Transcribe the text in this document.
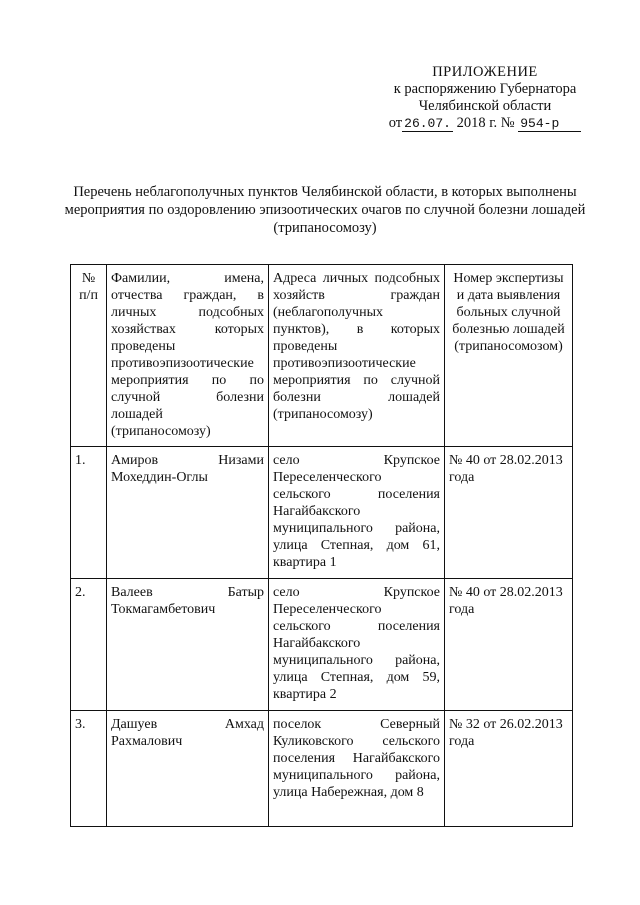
ПРИЛОЖЕНИЕ
к распоряжению Губернатора
Челябинской области
от 26.07. 2018 г. № 954-р
Перечень неблагополучных пунктов Челябинской области, в которых выполнены мероприятия по оздоровлению эпизоотических очагов по случной болезни лошадей (трипаносомозу)
№ п/п	Фамилии, имена, отчества граждан, в личных подсобных хозяйствах которых проведены противоэпизоотические мероприятия по по случной болезни лошадей (трипаносомозу)	Адреса личных подсобных хозяйств граждан (неблагополучных пунктов), в которых проведены противоэпизоотические мероприятия по случной болезни лошадей (трипаносомозу)	Номер экспертизы и дата выявления больных случной болезнью лошадей (трипаносомозом)
1.	Амиров Низами Мохеддин-Оглы	село Крупское Переселенческого сельского поселения Нагайбакского муниципального района, улица Степная, дом 61, квартира 1	№ 40 от 28.02.2013 года
2.	Валеев Батыр Токмагамбетович	село Крупское Переселенческого сельского поселения Нагайбакского муниципального района, улица Степная, дом 59, квартира 2	№ 40 от 28.02.2013 года
3.	Дашуев Амхад Рахмалович	поселок Северный Куликовского сельского поселения Нагайбакского муниципального района, улица Набережная, дом 8	№ 32 от 26.02.2013 года
